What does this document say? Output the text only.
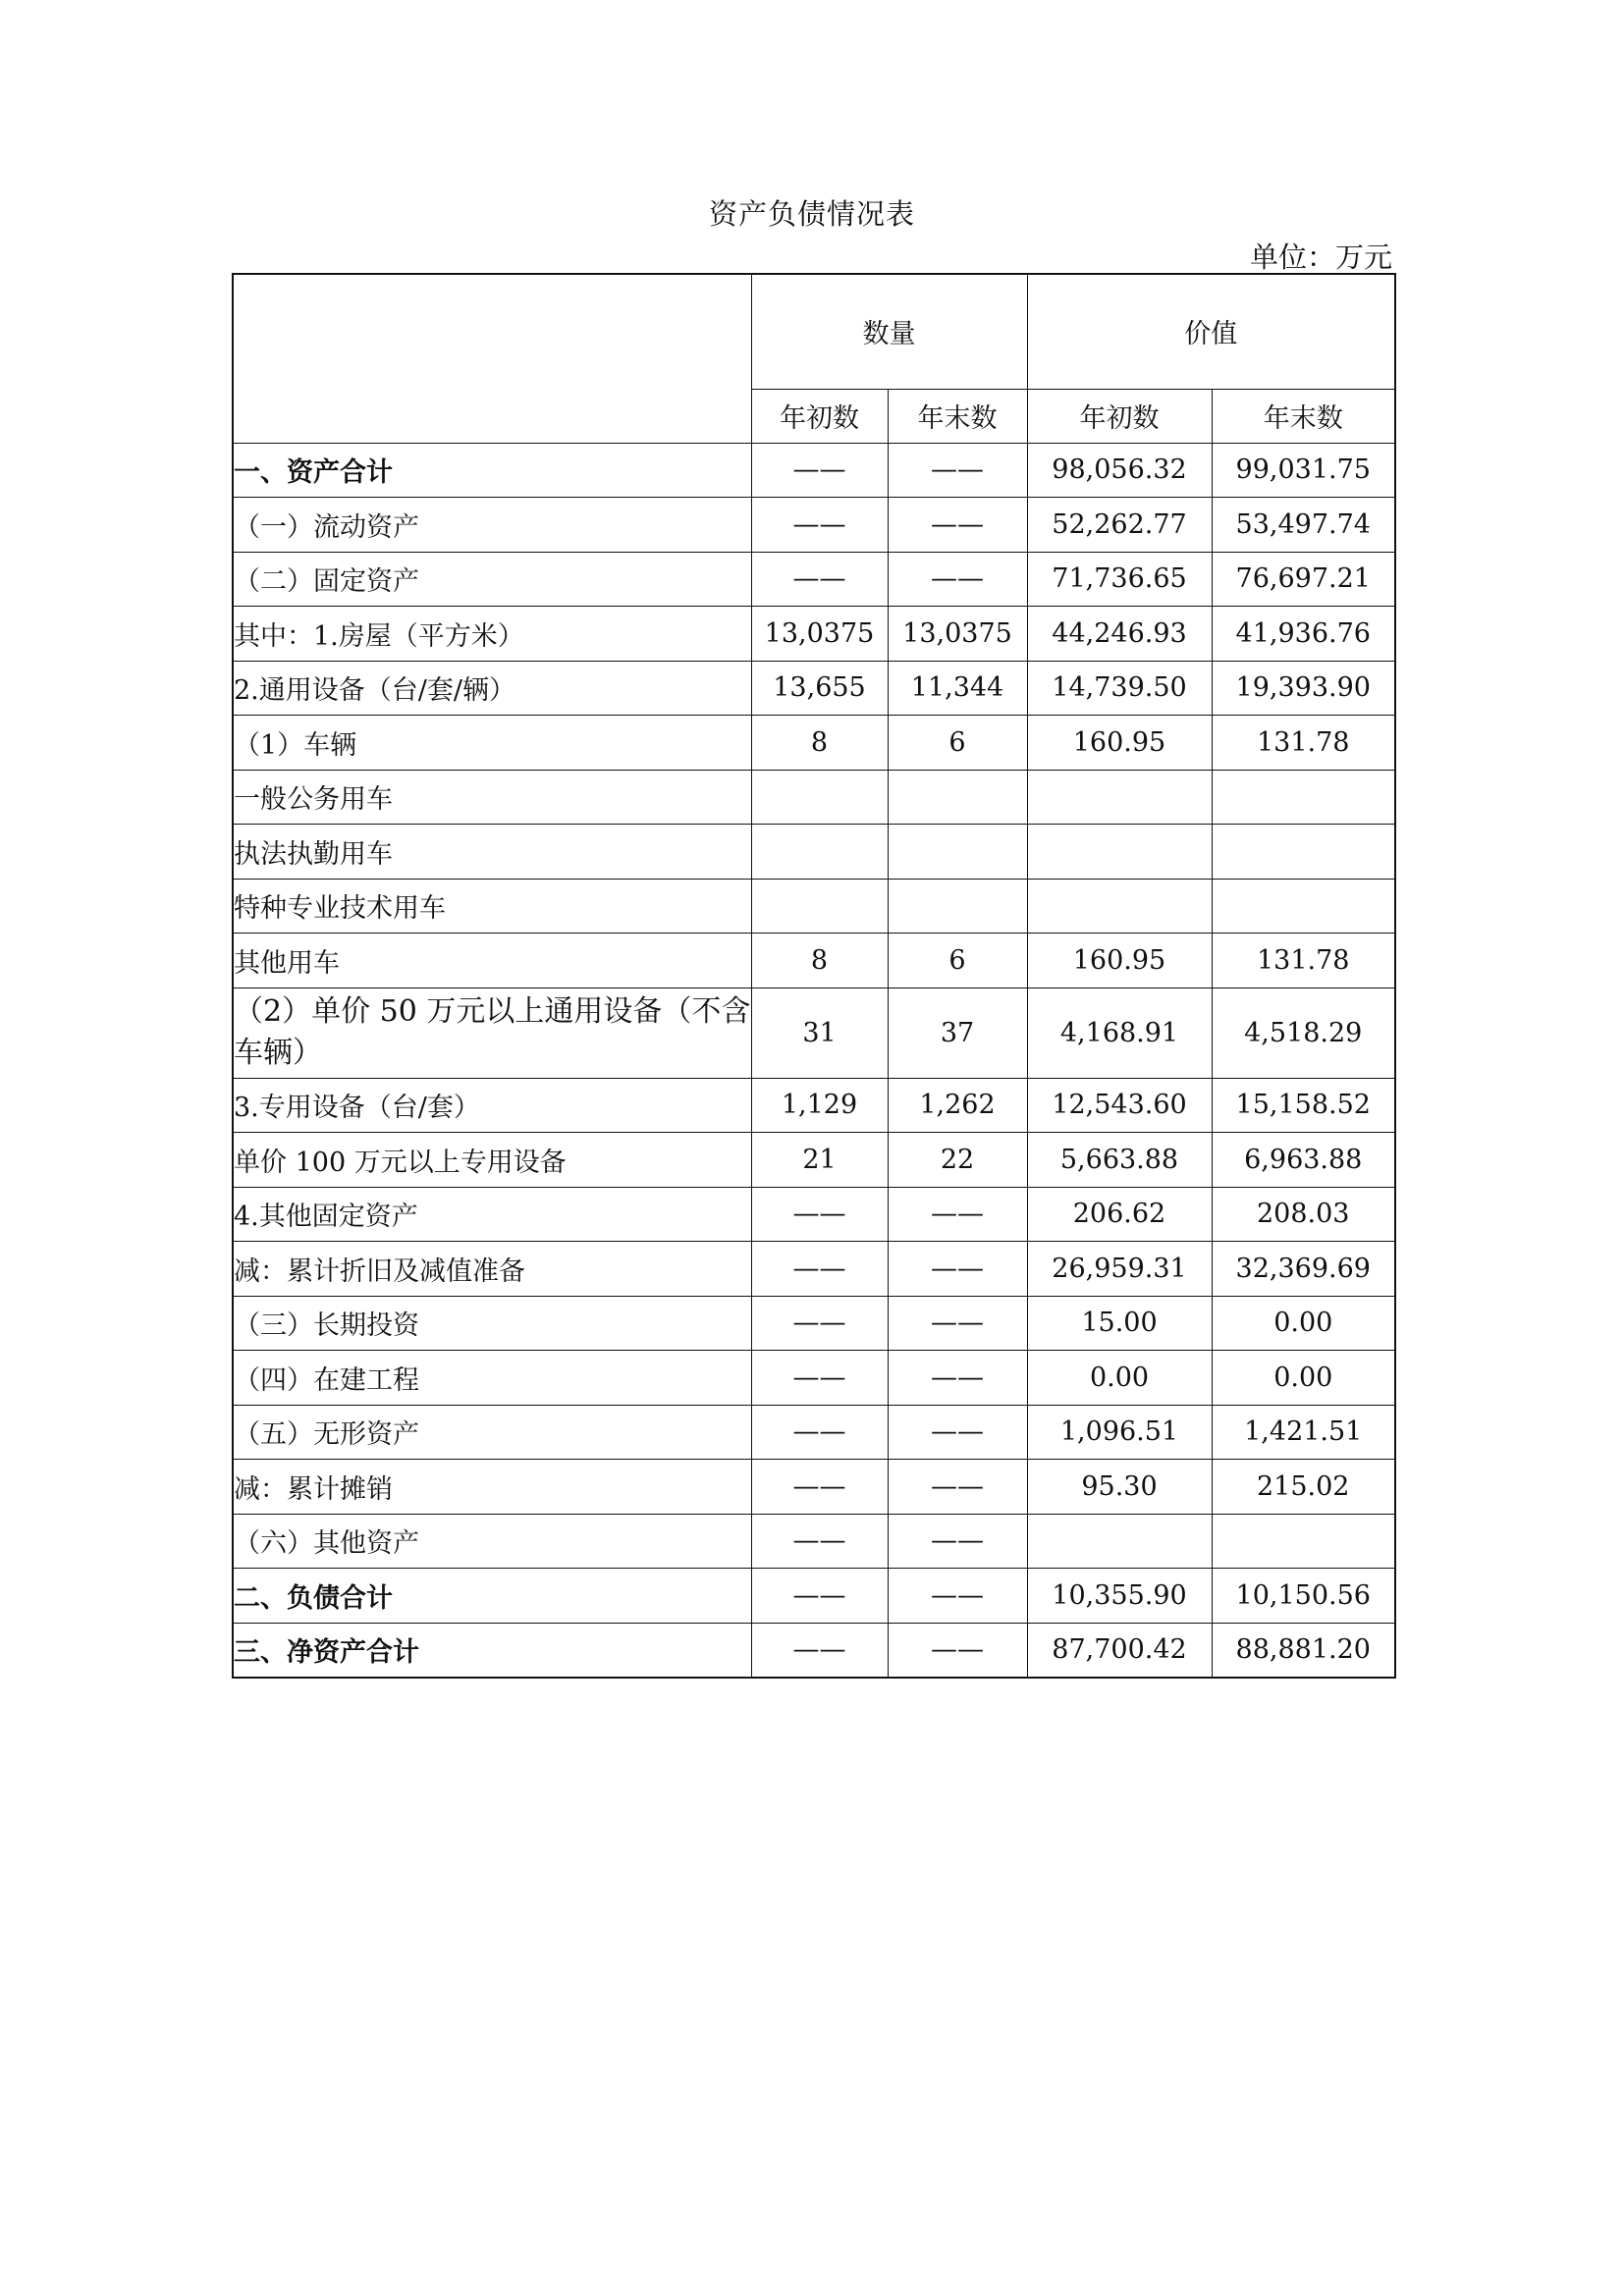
资产负债情况表
单位：万元
	数量		价值	
	年初数	年末数	年初数	年末数
一、资产合计	——	——	98,056.32	99,031.75
（一）流动资产	——	——	52,262.77	53,497.74
（二）固定资产	——	——	71,736.65	76,697.21
其中：1.房屋（平方米）	13,0375	13,0375	44,246.93	41,936.76
2.通用设备（台/套/辆）	13,655	11,344	14,739.50	19,393.90
（1）车辆	8	6	160.95	131.78
一般公务用车				
执法执勤用车				
特种专业技术用车				
其他用车	8	6	160.95	131.78
（2）单价 50 万元以上通用设备（不含车辆）	31	37	4,168.91	4,518.29
3.专用设备（台/套）	1,129	1,262	12,543.60	15,158.52
单价 100 万元以上专用设备	21	22	5,663.88	6,963.88
4.其他固定资产	——	——	206.62	208.03
减：累计折旧及减值准备	——	——	26,959.31	32,369.69
（三）长期投资	——	——	15.00	0.00
（四）在建工程	——	——	0.00	0.00
（五）无形资产	——	——	1,096.51	1,421.51
减：累计摊销	——	——	95.30	215.02
（六）其他资产	——	——		
二、负债合计	——	——	10,355.90	10,150.56
三、净资产合计	——	——	87,700.42	88,881.20
